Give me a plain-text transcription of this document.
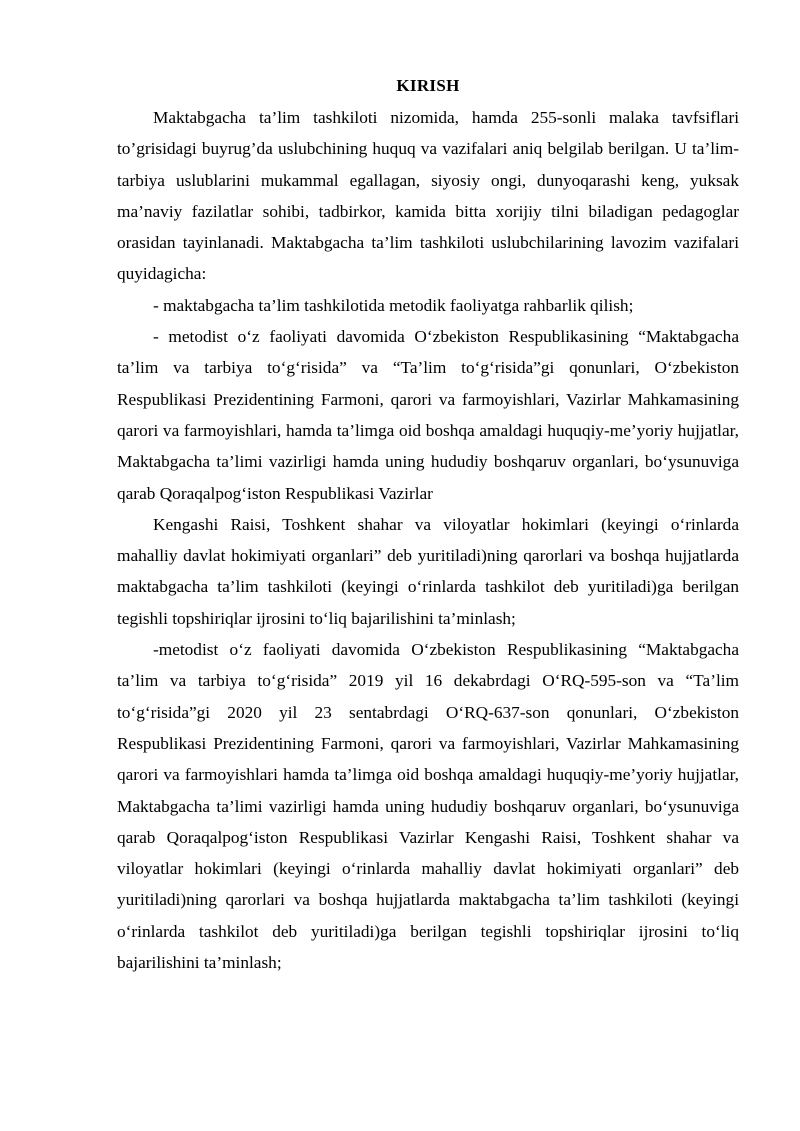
KIRISH

Maktabgacha ta’lim tashkiloti nizomida, hamda 255-sonli malaka tavfsiflari to’grisidagi buyrug’da uslubchining huquq va vazifalari aniq belgilab berilgan. U ta’lim-tarbiya uslublarini mukammal egallagan, siyosiy ongi, dunyoqarashi keng, yuksak ma’naviy fazilatlar sohibi, tadbirkor, kamida bitta xorijiy tilni biladigan pedagoglar orasidan tayinlanadi. Maktabgacha ta’lim tashkiloti uslubchilarining lavozim vazifalari quyidagicha:

- maktabgacha ta’lim tashkilotida metodik faoliyatga rahbarlik qilish;

- metodist o‘z faoliyati davomida O‘zbekiston Respublikasining “Maktabgacha ta’lim va tarbiya to‘g‘risida” va “Ta’lim to‘g‘risida”gi qonunlari, O‘zbekiston Respublikasi Prezidentining Farmoni, qarori va farmoyishlari, Vazirlar Mahkamasining qarori va farmoyishlari, hamda ta’limga oid boshqa amaldagi huquqiy-me’yoriy hujjatlar, Maktabgacha ta’limi vazirligi hamda uning hududiy boshqaruv organlari, bo‘ysunuviga qarab Qoraqalpog‘iston Respublikasi Vazirlar

Kengashi Raisi, Toshkent shahar va viloyatlar hokimlari (keyingi o‘rinlarda mahalliy davlat hokimiyati organlari” deb yuritiladi)ning qarorlari va boshqa hujjatlarda maktabgacha ta’lim tashkiloti (keyingi o‘rinlarda tashkilot deb yuritiladi)ga berilgan tegishli topshiriqlar ijrosini to‘liq bajarilishini ta’minlash;

-metodist o‘z faoliyati davomida O‘zbekiston Respublikasining “Maktabgacha ta’lim va tarbiya to‘g‘risida” 2019 yil 16 dekabrdagi O‘RQ-595-son va “Ta’lim to‘g‘risida”gi 2020 yil 23 sentabrdagi O‘RQ-637-son qonunlari, O‘zbekiston Respublikasi Prezidentining Farmoni, qarori va farmoyishlari, Vazirlar Mahkamasining qarori va farmoyishlari hamda ta’limga oid boshqa amaldagi huquqiy-me’yoriy hujjatlar, Maktabgacha ta’limi vazirligi hamda uning hududiy boshqaruv organlari, bo‘ysunuviga qarab Qoraqalpog‘iston Respublikasi Vazirlar Kengashi Raisi, Toshkent shahar va viloyatlar hokimlari (keyingi o‘rinlarda mahalliy davlat hokimiyati organlari” deb yuritiladi)ning qarorlari va boshqa hujjatlarda maktabgacha ta’lim tashkiloti (keyingi o‘rinlarda tashkilot deb yuritiladi)ga berilgan tegishli topshiriqlar ijrosini to‘liq bajarilishini ta’minlash;
